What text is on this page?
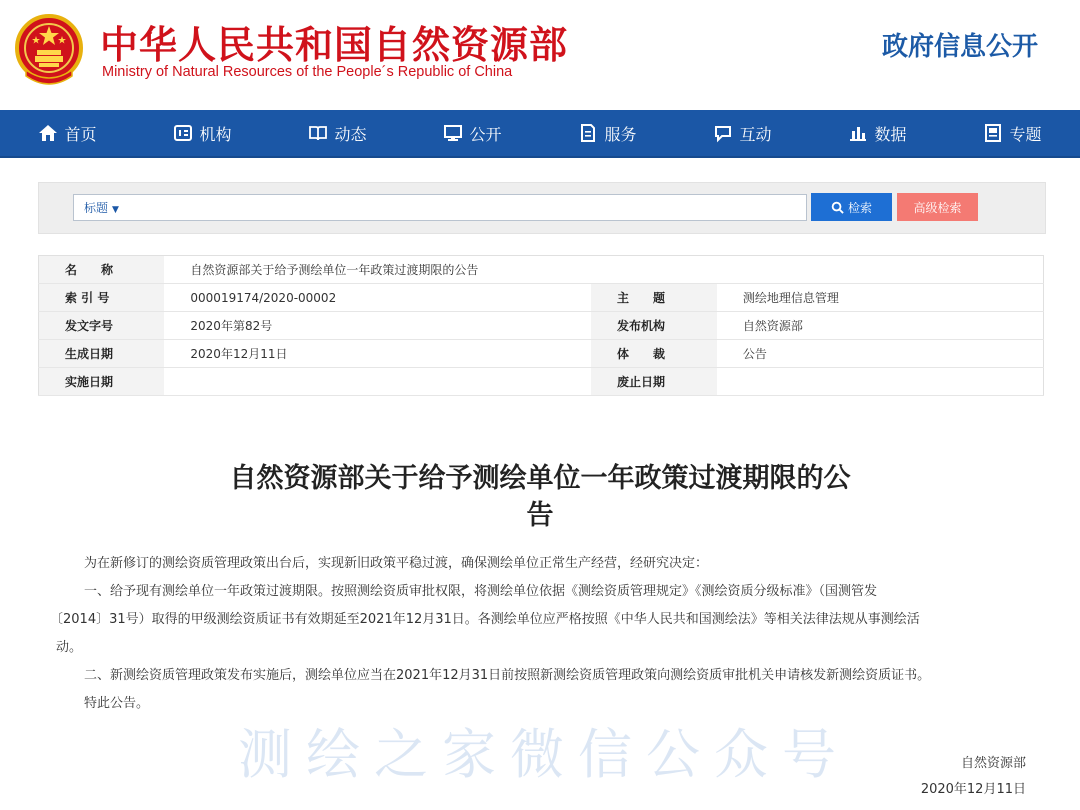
中华人民共和国自然资源部
Ministry of Natural Resources of the People´s Republic of China
政府信息公开
首页	机构	动态	公开	服务	互动	数据	专题
标题 ▼	检索	高级检索
名　　称	自然资源部关于给予测绘单位一年政策过渡期限的公告		
索 引 号	000019174/2020-00002	主　　题	测绘地理信息管理
发文字号	2020年第82号	发布机构	自然资源部
生成日期	2020年12月11日	体　　裁	公告
实施日期		废止日期	
自然资源部关于给予测绘单位一年政策过渡期限的公
告
为在新修订的测绘资质管理政策出台后，实现新旧政策平稳过渡，确保测绘单位正常生产经营，经研究决定：
一、给予现有测绘单位一年政策过渡期限。按照测绘资质审批权限，将测绘单位依据《测绘资质管理规定》《测绘资质分级标准》（国测管发
〔2014〕31号）取得的甲级测绘资质证书有效期延至2021年12月31日。各测绘单位应严格按照《中华人民共和国测绘法》等相关法律法规从事测绘活
动。
二、新测绘资质管理政策发布实施后，测绘单位应当在2021年12月31日前按照新测绘资质管理政策向测绘资质审批机关申请核发新测绘资质证书。
特此公告。
测绘之家微信公众号	自然资源部
2020年12月11日
